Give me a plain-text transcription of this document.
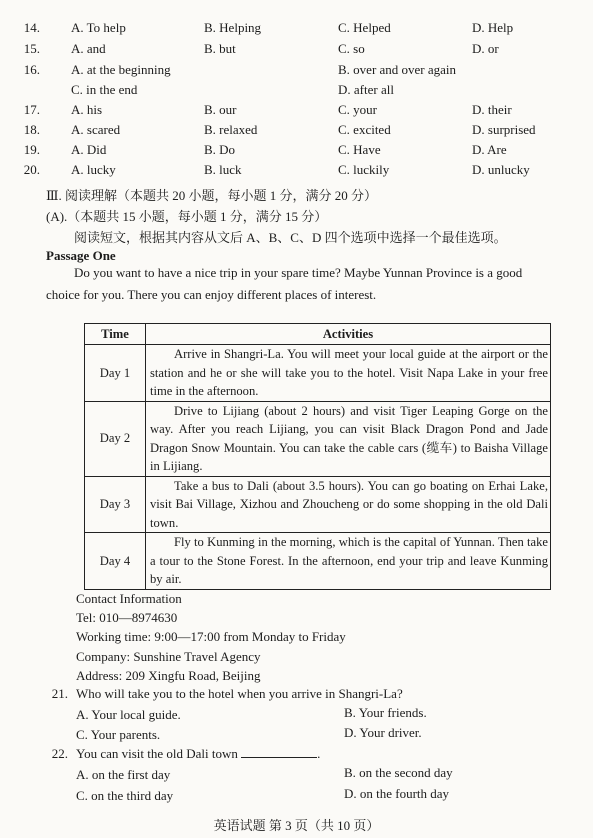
14. A. To help	B. Helping	C. Helped	D. Help
15. A. and	B. but	C. so	D. or
16. A. at the beginning	B. over and over again
C. in the end	D. after all
17. A. his	B. our	C. your	D. their
18. A. scared	B. relaxed	C. excited	D. surprised
19. A. Did	B. Do	C. Have	D. Are
20. A. lucky	B. luck	C. luckily	D. unlucky
Ⅲ. 阅读理解（本题共 20 小题，每小题 1 分，满分 20 分）
(A).（本题共 15 小题，每小题 1 分，满分 15 分）
阅读短文，根据其内容从文后 A、B、C、D 四个选项中选择一个最佳选项。
Passage One
Do you want to have a nice trip in your spare time? Maybe Yunnan Province is a good choice for you. There you can enjoy different places of interest.
Time	Activities
Day 1	Arrive in Shangri-La. You will meet your local guide at the airport or the station and he or she will take you to the hotel. Visit Napa Lake in your free time in the afternoon.
Day 2	Drive to Lijiang (about 2 hours) and visit Tiger Leaping Gorge on the way. After you reach Lijiang, you can visit Black Dragon Pond and Jade Dragon Snow Mountain. You can take the cable cars (缆车) to Baisha Village in Lijiang.
Day 3	Take a bus to Dali (about 3.5 hours). You can go boating on Erhai Lake, visit Bai Village, Xizhou and Zhoucheng or do some shopping in the old Dali town.
Day 4	Fly to Kunming in the morning, which is the capital of Yunnan. Then take a tour to the Stone Forest. In the afternoon, end your trip and leave Kunming by air.
Contact Information
Tel: 010—8974630
Working time: 9:00—17:00 from Monday to Friday
Company: Sunshine Travel Agency
Address: 209 Xingfu Road, Beijing
21. Who will take you to the hotel when you arrive in Shangri-La?
A. Your local guide.	B. Your friends.
C. Your parents.	D. Your driver.
22. You can visit the old Dali town	.
A. on the first day	B. on the second day
C. on the third day	D. on the fourth day
英语试题 第 3 页（共 10 页）
